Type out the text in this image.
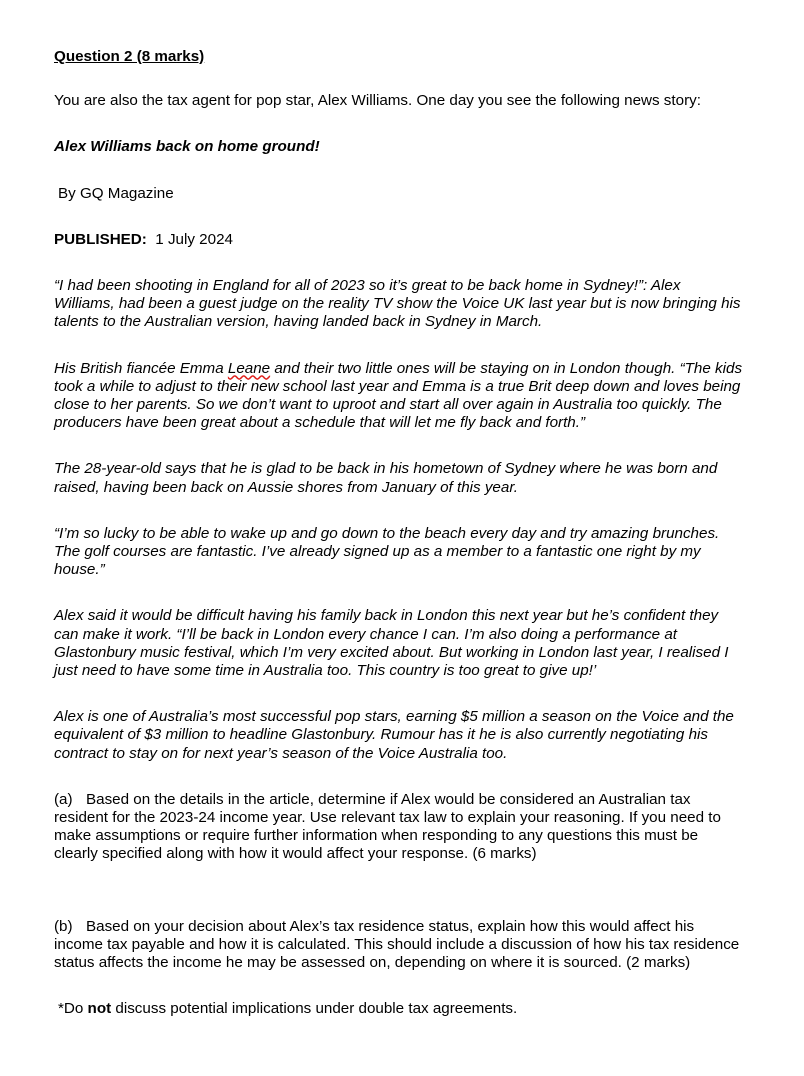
Question 2 (8 marks)

You are also the tax agent for pop star, Alex Williams. One day you see the following news story:

Alex Williams back on home ground!

By GQ Magazine

PUBLISHED: 1 July 2024

“I had been shooting in England for all of 2023 so it’s great to be back home in Sydney!”: Alex Williams, had been a guest judge on the reality TV show the Voice UK last year but is now bringing his talents to the Australian version, having landed back in Sydney in March.

His British fiancée Emma Leane and their two little ones will be staying on in London though. “The kids took a while to adjust to their new school last year and Emma is a true Brit deep down and loves being close to her parents. So we don’t want to uproot and start all over again in Australia too quickly. The producers have been great about a schedule that will let me fly back and forth.”

The 28-year-old says that he is glad to be back in his hometown of Sydney where he was born and raised, having been back on Aussie shores from January of this year.

“I’m so lucky to be able to wake up and go down to the beach every day and try amazing brunches. The golf courses are fantastic. I’ve already signed up as a member to a fantastic one right by my house.”

Alex said it would be difficult having his family back in London this next year but he’s confident they can make it work. “I’ll be back in London every chance I can. I’m also doing a performance at Glastonbury music festival, which I’m very excited about. But working in London last year, I realised I just need to have some time in Australia too. This country is too great to give up!’

Alex is one of Australia’s most successful pop stars, earning $5 million a season on the Voice and the equivalent of $3 million to headline Glastonbury. Rumour has it he is also currently negotiating his contract to stay on for next year’s season of the Voice Australia too.

(a) Based on the details in the article, determine if Alex would be considered an Australian tax resident for the 2023-24 income year. Use relevant tax law to explain your reasoning. If you need to make assumptions or require further information when responding to any questions this must be clearly specified along with how it would affect your response. (6 marks)

(b) Based on your decision about Alex’s tax residence status, explain how this would affect his income tax payable and how it is calculated. This should include a discussion of how his tax residence status affects the income he may be assessed on, depending on where it is sourced. (2 marks)

*Do not discuss potential implications under double tax agreements.
